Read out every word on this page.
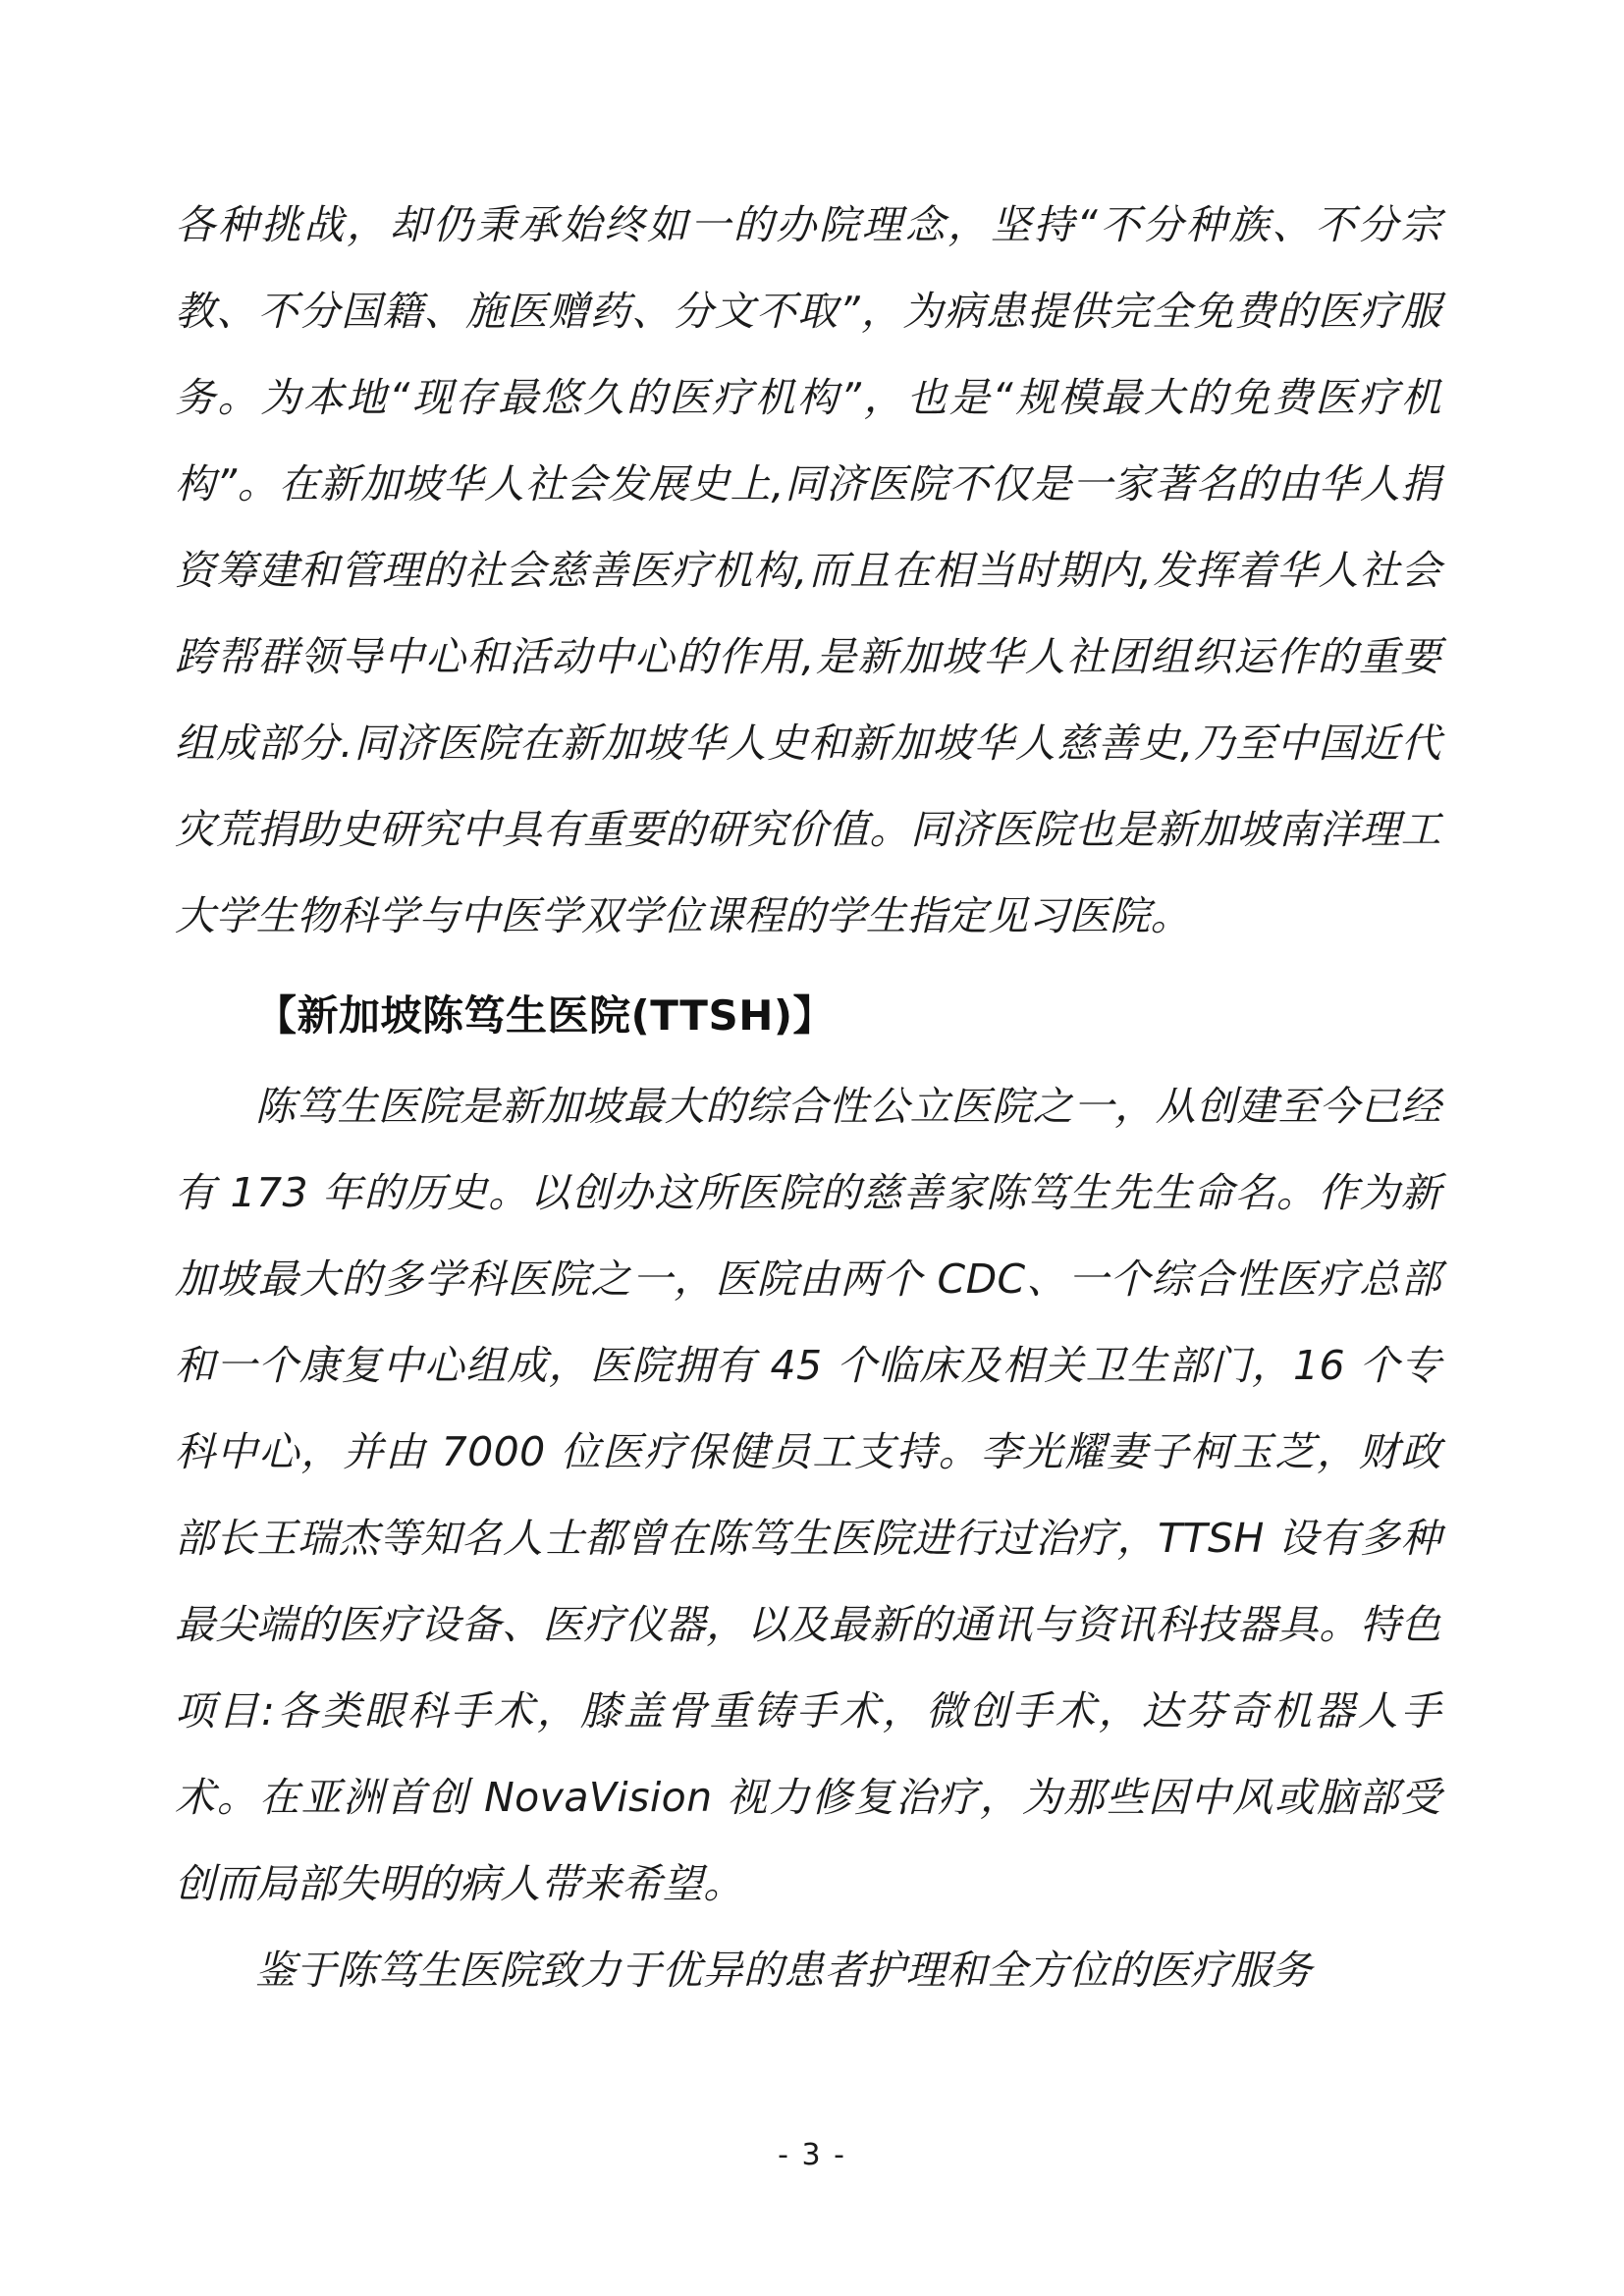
各种挑战，却仍秉承始终如一的办院理念，坚持“不分种族、不分宗教、不分国籍、施医赠药、分文不取”，为病患提供完全免费的医疗服务。为本地“现存最悠久的医疗机构”，也是“规模最大的免费医疗机构”。在新加坡华人社会发展史上,同济医院不仅是一家著名的由华人捐资筹建和管理的社会慈善医疗机构,而且在相当时期内,发挥着华人社会跨帮群领导中心和活动中心的作用,是新加坡华人社团组织运作的重要组成部分.同济医院在新加坡华人史和新加坡华人慈善史,乃至中国近代灾荒捐助史研究中具有重要的研究价值。同济医院也是新加坡南洋理工大学生物科学与中医学双学位课程的学生指定见习医院。

【新加坡陈笃生医院(TTSH)】

陈笃生医院是新加坡最大的综合性公立医院之一，从创建至今已经有 173 年的历史。以创办这所医院的慈善家陈笃生先生命名。作为新加坡最大的多学科医院之一，医院由两个 CDC、一个综合性医疗总部和一个康复中心组成，医院拥有 45 个临床及相关卫生部门，16 个专科中心，并由 7000 位医疗保健员工支持。李光耀妻子柯玉芝，财政部长王瑞杰等知名人士都曾在陈笃生医院进行过治疗，TTSH 设有多种最尖端的医疗设备、医疗仪器，以及最新的通讯与资讯科技器具。特色项目:各类眼科手术，膝盖骨重铸手术，微创手术，达芬奇机器人手术。在亚洲首创 NovaVision 视力修复治疗，为那些因中风或脑部受创而局部失明的病人带来希望。

鉴于陈笃生医院致力于优异的患者护理和全方位的医疗服务

- 3 -
